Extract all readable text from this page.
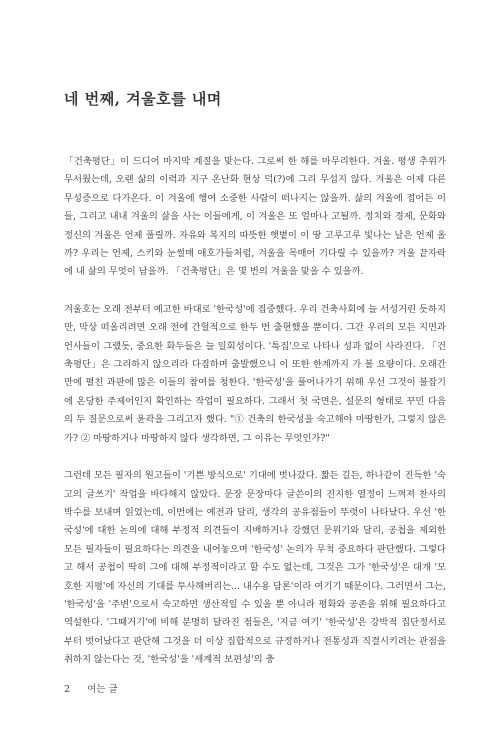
네 번째, 겨울호를 내며

「건축평단」이 드디어 마지막 계절을 맞는다. 그로써 한 해를 마무리한다. 겨울. 평생 추위가 무서웠는데, 오랜 삶의 이력과 지구 온난화 현상 덕(?)에 그리 무섭지 않다. 겨울은 이제 다른 무성증으로 다가온다. 이 겨울에 행여 소중한 사람이 떠나지는 않을까. 삶의 겨울에 접어든 이들, 그리고 내내 겨울의 삶을 사는 이들에게, 이 겨울은 또 얼마나 고될까. 정치와 경제, 문화와 정신의 겨울은 언제 풀릴까. 자유와 복지의 따뜻한 햇볕이 이 땅 고루고루 빛나는 날은 언제 올까? 우리는 언제, 스키와 눈썰매 애호가들처럼, 겨울을 목매어 기다릴 수 있을까? 겨울 끝자락에 내 삶의 무엇이 남을까. 「건축평단」은 몇 번의 겨울을 맞을 수 있을까.

겨울호는 오래 전부터 예고한 바대로 '한국성'에 집중했다. 우리 건축사회에 늘 서성거린 듯하지만, 막상 떠올리려면 오래 전에 간헐적으로 한두 번 출현했을 뿐이다. 그간 우리의 모든 지면과 언사들이 그랬듯, 중요한 화두들은 늘 일회성이다. '특집'으로 나타나 성과 없이 사라진다. 「건축평단」은 그리하지 않으리라 다짐하며 출발했으니 이 또한 한계까지 가 볼 요량이다. 오래간만에 펼친 과판에 많은 이들의 참여를 청한다. '한국성'을 풀어나가기 위해 우선 그것이 불잡기에 온당한 주제어인지 확인하는 작업이 필요하다. 그래서 첫 국면은, 설문의 형태로 꾸민 다음의 두 질문으로써 윤곽을 그리고자 했다. "① 건축의 한국성을 숙고해야 마땅한가, 그렇지 않은가? ② 마땅하거나 마땅하지 않다 생각하면, 그 이유는 무엇인가?"

그런데 모든 필자의 원고들이 '기쁜 방식으로' 기대에 벗나갔다. 짧든 길든, 하나같이 진득한 '숙고의 글쓰기' 작업을 바다해지 않았다. 문장 문장마다 글쓴이의 진지한 열정이 느껴져 찬사의 박수를 보내며 읽었는데, 이번에는 예전과 달리, 생각의 공유점들이 뚜렷이 나타났다. 우선 '한국성'에 대한 논의에 대해 부정적 의견들이 지배하거나 강했던 문위기와 달리, 공첩을 제외한 모든 필자들이 필요하다는 의견을 내어놓으며 '한국성' 논의가 무척 중요하다 판단했다. 그렇다고 해서 공첩이 딱히 그에 대해 부정적이라고 할 수도 없는데, 그것은 그가 '한국성'은 대개 '모호한 지평'에 자신의 기대를 투사해버리는... 내수용 담론'이라 여기기 때문이다. 그러면서 그는, '한국성'을 '주변'으로서 숙고하면 생산적일 수 있을 뿐 아니라 평화와 공존을 위해 필요하다고 역설한다. '그때거기'에 비해 분명히 달라진 점들은, '지금 여기' '한국성'은 강박적 집단정서로부터 벗어났다고 판단해 그것을 더 이상 집합적으로 규정하거나 전통성과 직결시키려는 관점을 취하지 않는다는 것, '한국성'을 '세계적 보편성'의 충

2 여는 글
